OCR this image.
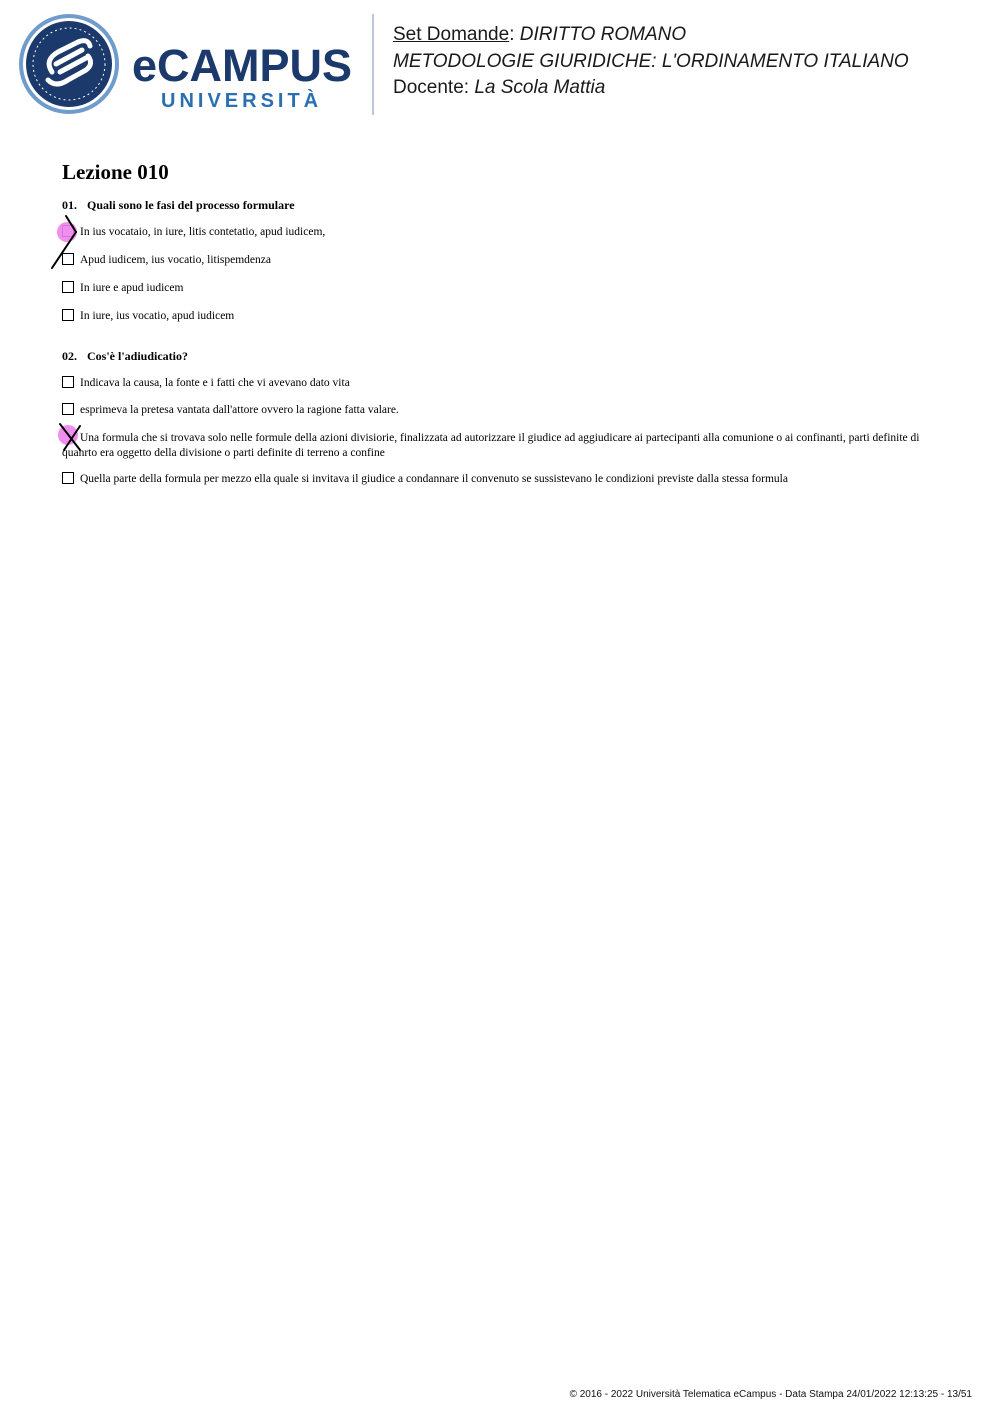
eCAMPUS
UNIVERSITÀ
Set Domande: DIRITTO ROMANO
METODOLOGIE GIURIDICHE: L'ORDINAMENTO ITALIANO
Docente: La Scola Mattia
Lezione 010
01. Quali sono le fasi del processo formulare
In ius vocataio, in iure, litis contetatio, apud iudicem,
Apud iudicem, ius vocatio, litispemdenza
In iure e apud iudicem
In iure, ius vocatio, apud iudicem
02. Cos'è l'adiudicatio?
Indicava la causa, la fonte e i fatti che vi avevano dato vita
esprimeva la pretesa vantata dall'attore ovvero la ragione fatta valare.
Una formula che si trovava solo nelle formule della azioni divisiorie, finalizzata ad autorizzare il giudice ad aggiudicare ai partecipanti alla comunione o ai confinanti, parti definite di quanrto era oggetto della divisione o parti definite di terreno a confine
Quella parte della formula per mezzo ella quale si invitava il giudice a condannare il convenuto se sussistevano le condizioni previste dalla stessa formula
© 2016 - 2022 Università Telematica eCampus - Data Stampa 24/01/2022 12:13:25 - 13/51
